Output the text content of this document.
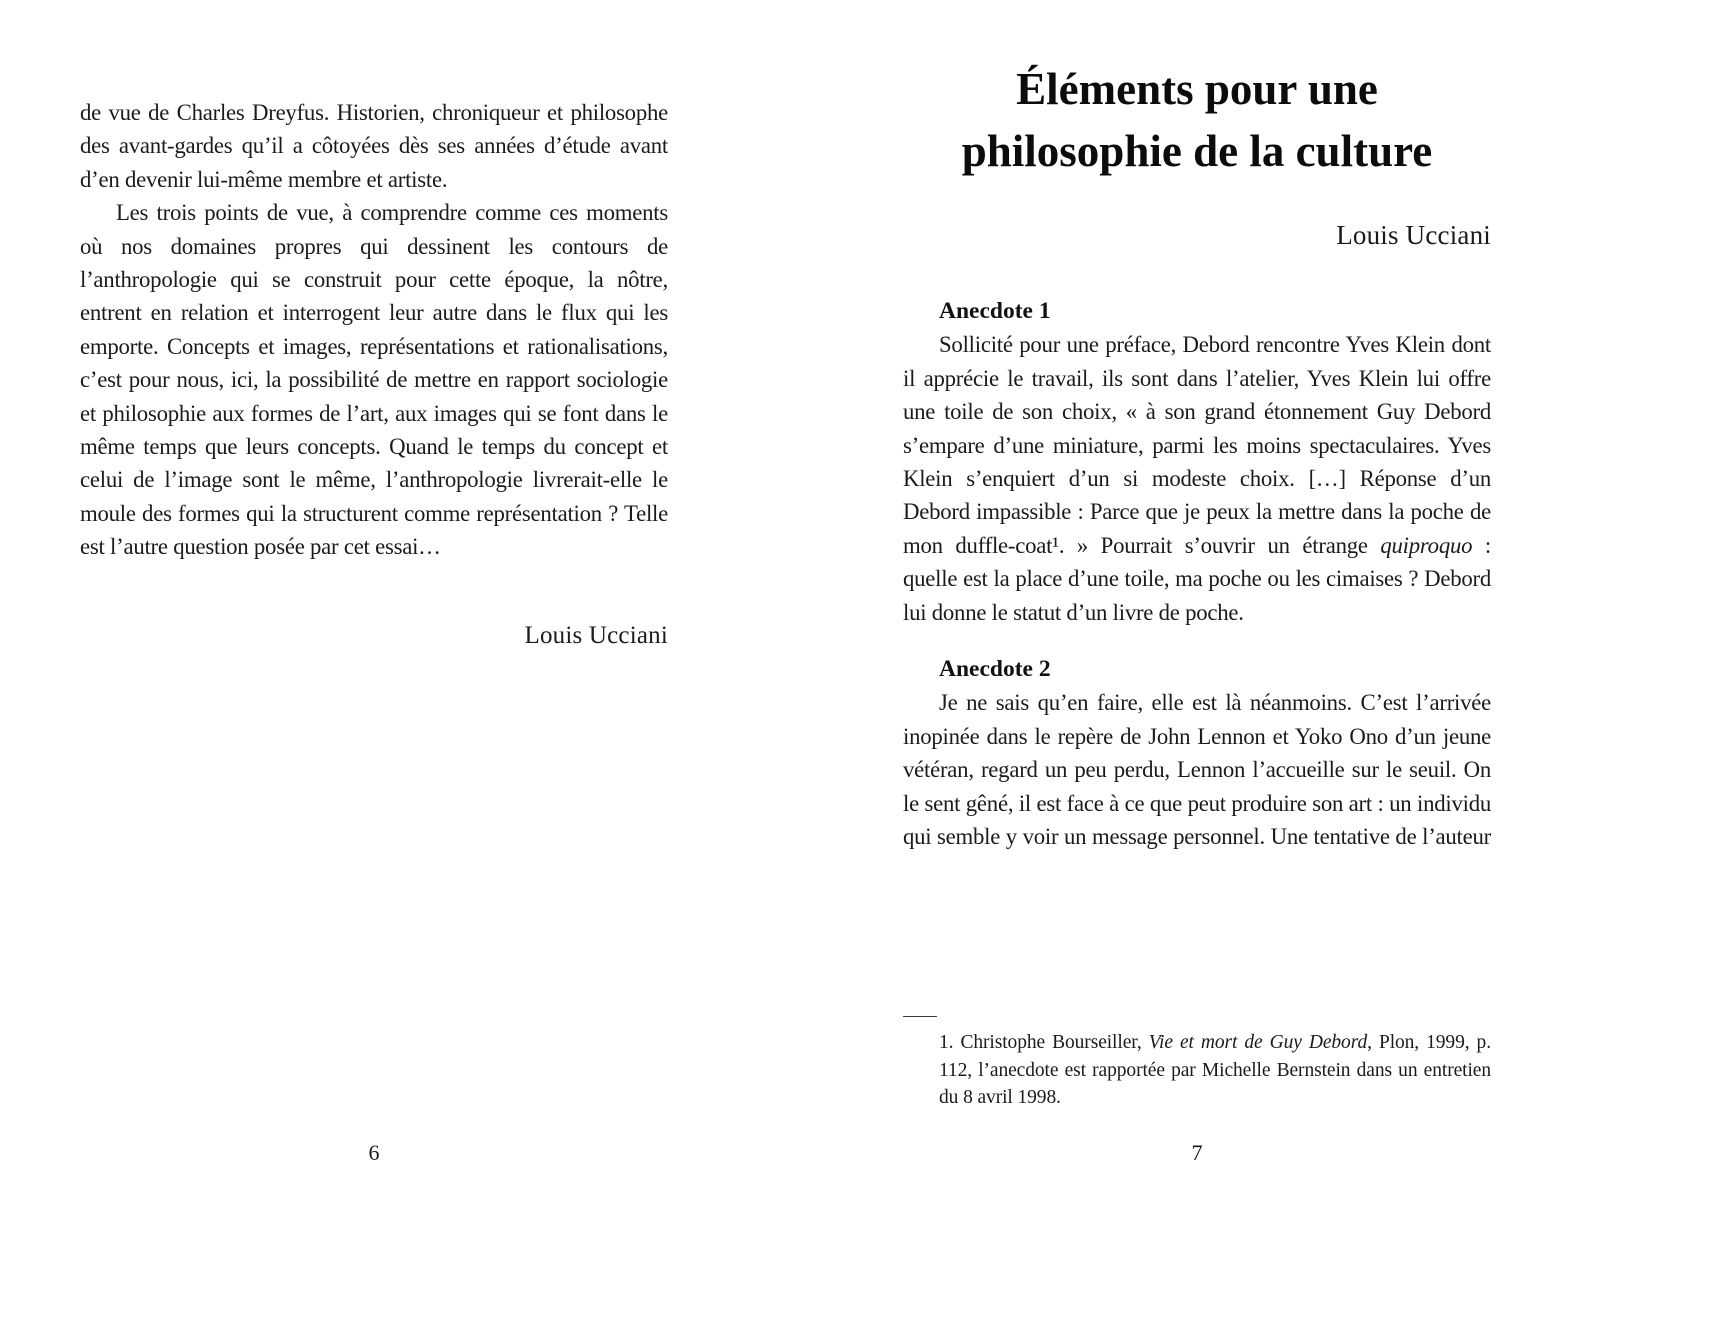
de vue de Charles Dreyfus. Historien, chroniqueur et philosophe des avant-gardes qu’il a côtoyées dès ses années d’étude avant d’en devenir lui-même membre et artiste.

Les trois points de vue, à comprendre comme ces moments où nos domaines propres qui dessinent les contours de l’anthropologie qui se construit pour cette époque, la nôtre, entrent en relation et interrogent leur autre dans le flux qui les emporte. Concepts et images, représentations et rationalisations, c’est pour nous, ici, la possibilité de mettre en rapport sociologie et philosophie aux formes de l’art, aux images qui se font dans le même temps que leurs concepts. Quand le temps du concept et celui de l’image sont le même, l’anthropologie livrerait-elle le moule des formes qui la structurent comme représentation ? Telle est l’autre question posée par cet essai…

Louis Ucciani
6
Éléments pour une
philosophie de la culture
Louis Ucciani
Anecdote 1

Sollicité pour une préface, Debord rencontre Yves Klein dont il apprécie le travail, ils sont dans l’atelier, Yves Klein lui offre une toile de son choix, « à son grand étonnement Guy Debord s’empare d’une miniature, parmi les moins spectaculaires. Yves Klein s’enquiert d’un si modeste choix. […] Réponse d’un Debord impassible : Parce que je peux la mettre dans la poche de mon duffle-coat¹. » Pourrait s’ouvrir un étrange quiproquo : quelle est la place d’une toile, ma poche ou les cimaises ? Debord lui donne le statut d’un livre de poche.

Anecdote 2

Je ne sais qu’en faire, elle est là néanmoins. C’est l’arrivée inopinée dans le repère de John Lennon et Yoko Ono d’un jeune vétéran, regard un peu perdu, Lennon l’accueille sur le seuil. On le sent gêné, il est face à ce que peut produire son art : un individu qui semble y voir un message personnel. Une tentative de l’auteur

1. Christophe Bourseiller, Vie et mort de Guy Debord, Plon, 1999, p. 112, l’anecdote est rapportée par Michelle Bernstein dans un entretien du 8 avril 1998.

7
